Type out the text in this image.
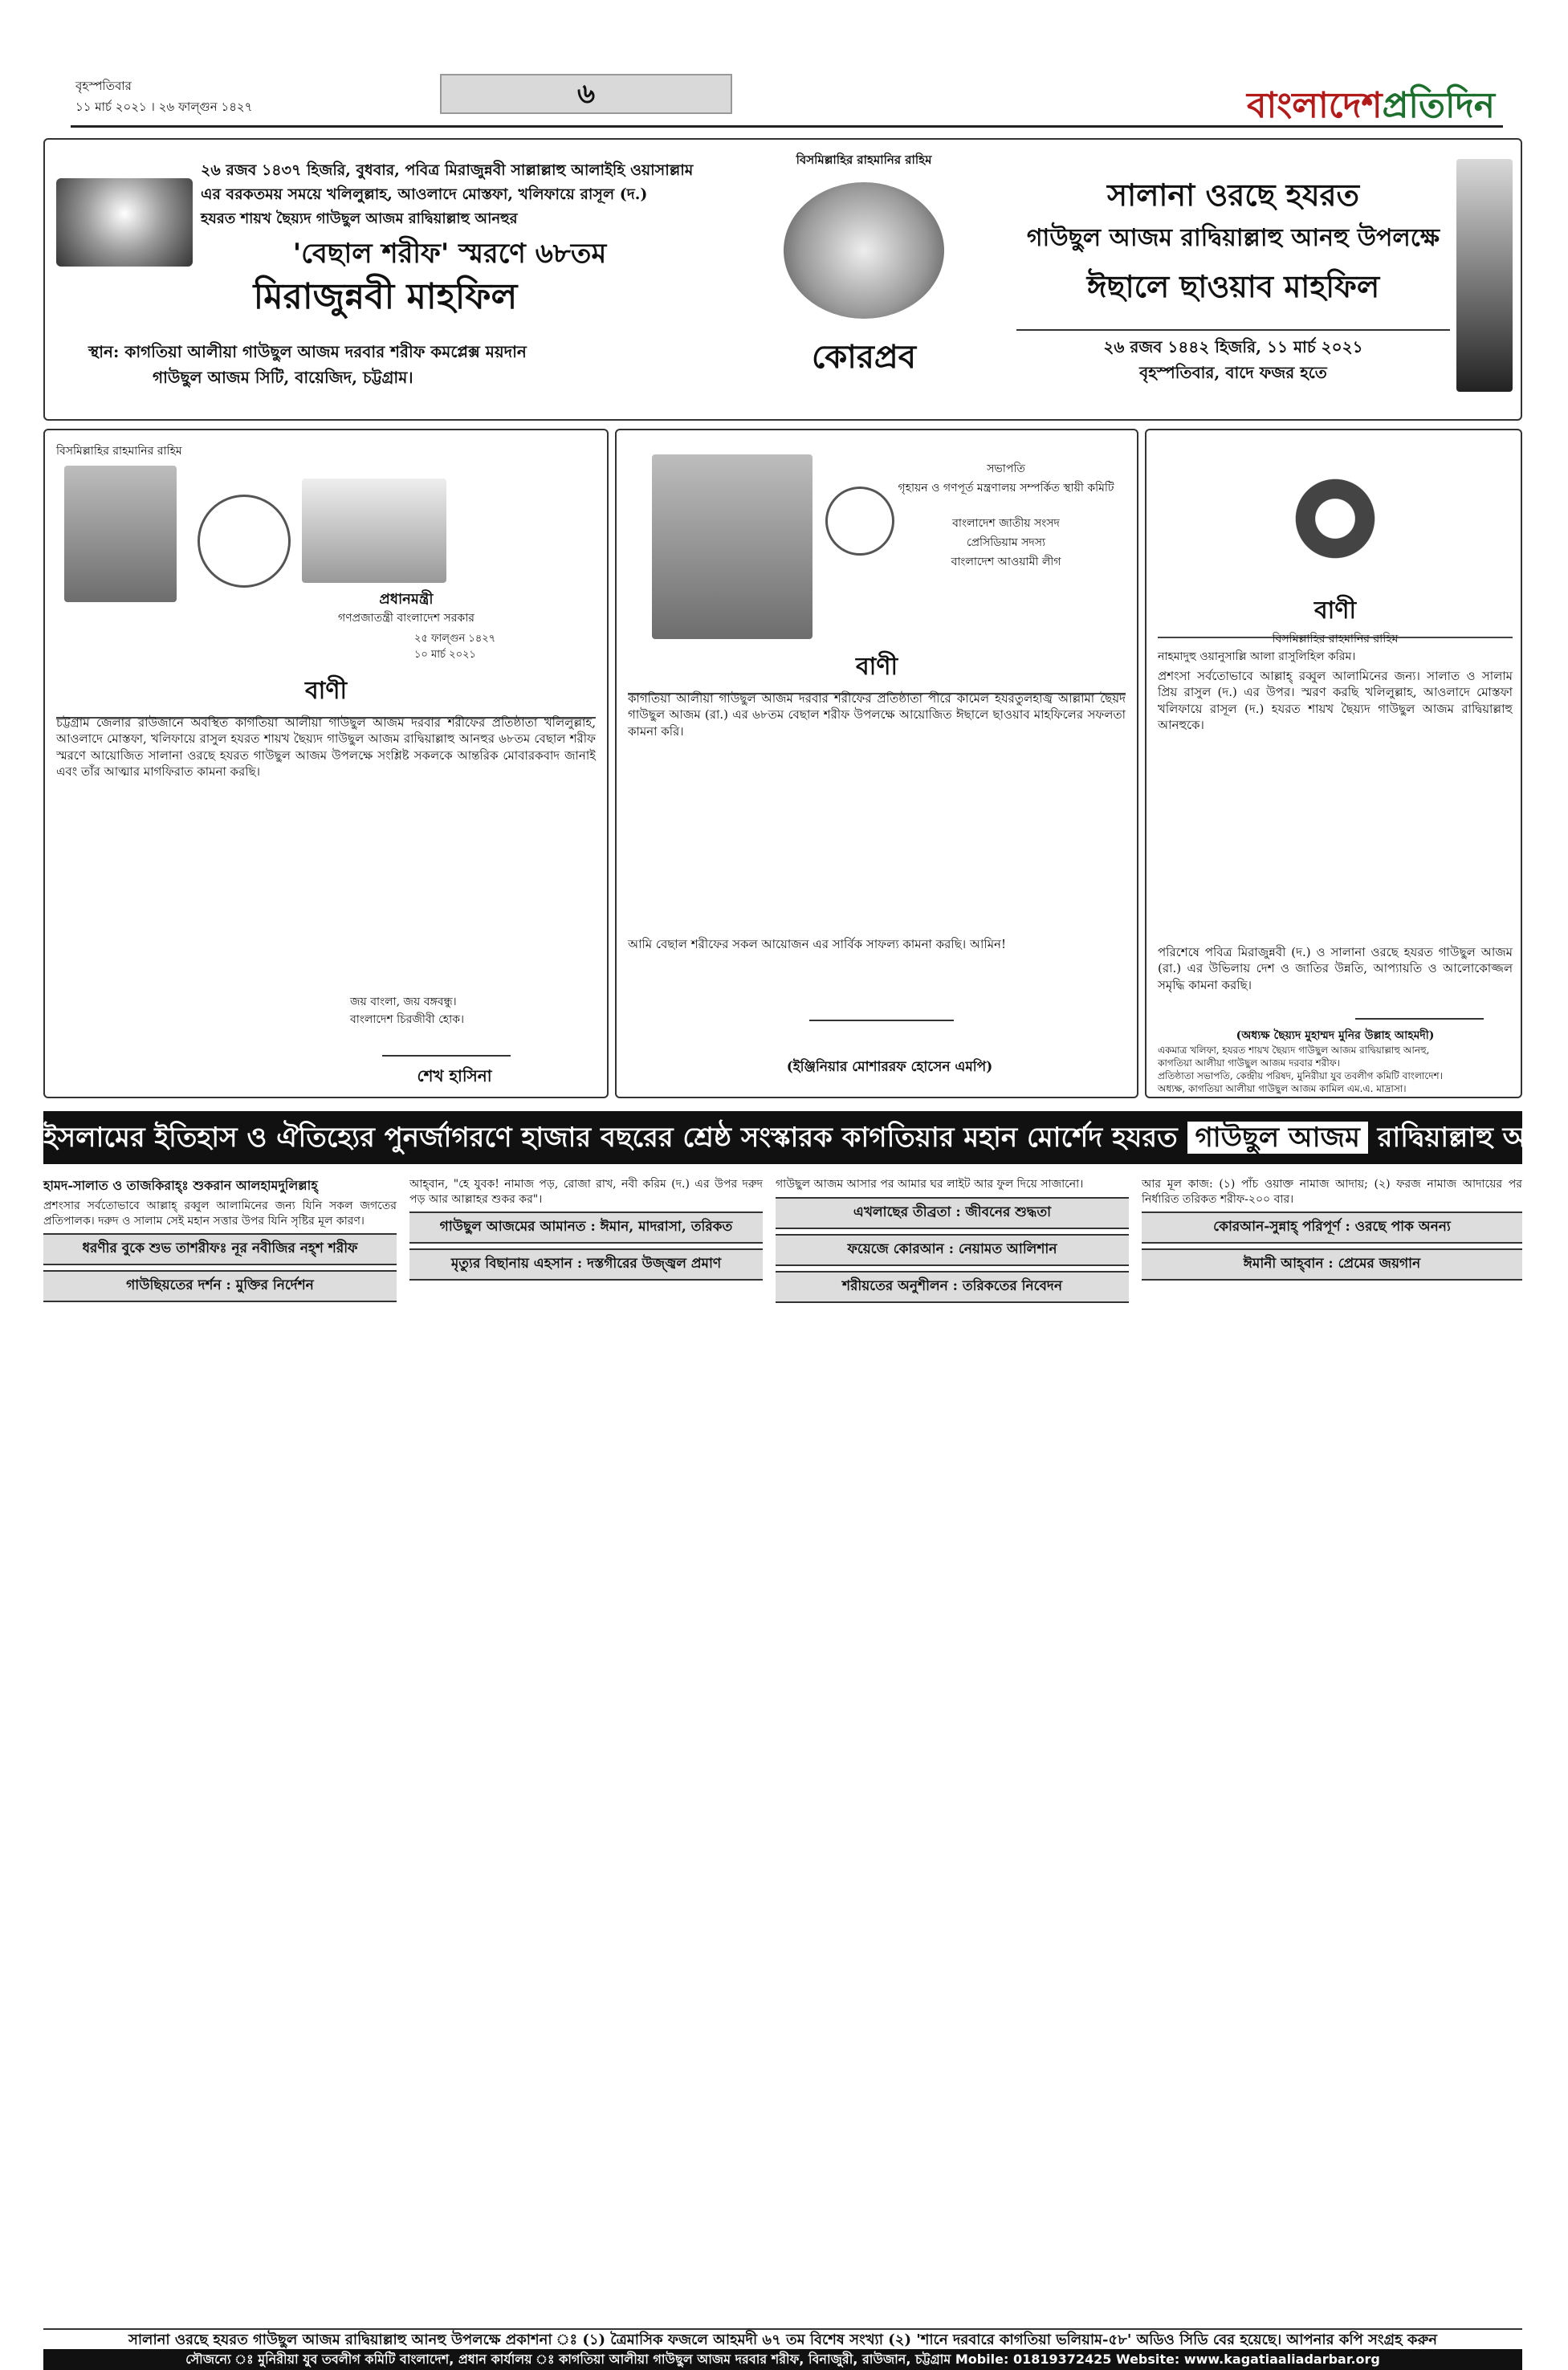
বৃহস্পতিবার
১১ মার্চ ২০২১ । ২৬ ফাল্গুন ১৪২৭	৬	বাংলাদেশপ্রতিদিন
২৬ রজব ১৪৩৭ হিজরি, বুধবার, পবিত্র মিরাজুন্নবী সাল্লাল্লাহু আলাইহি ওয়াসাল্লাম
এর বরকতময় সময়ে খলিলুল্লাহ, আওলাদে মোস্তফা, খলিফায়ে রাসূল (দ.)
হযরত শায়খ ছৈয়্যদ গাউছুল আজম রাদ্বিয়াল্লাহু আনহুর
'বেছাল শরীফ' স্মরণে ৬৮তম
মিরাজুন্নবী মাহফিল
স্থান: কাগতিয়া আলীয়া গাউছুল আজম দরবার শরীফ কমপ্লেক্স ময়দান
গাউছুল আজম সিটি, বায়েজিদ, চট্টগ্রাম।
বিসমিল্লাহির রাহমানির রাহিম
কোরপ্রব
সালানা ওরছে হযরত
গাউছুল আজম রাদ্বিয়াল্লাহু আনহু উপলক্ষে
ঈছালে ছাওয়াব মাহফিল
২৬ রজব ১৪৪২ হিজরি, ১১ মার্চ ২০২১
বৃহস্পতিবার, বাদে ফজর হতে
বিসমিল্লাহির রাহমানির রাহিম
প্রধানমন্ত্রী
গণপ্রজাতন্ত্রী বাংলাদেশ সরকার
২৫ ফাল্গুন ১৪২৭
১০ মার্চ ২০২১
বাণী
চট্টগ্রাম জেলার রাউজানে অবস্থিত কাগতিয়া আলীয়া গাউছুল আজম দরবার শরীফের প্রতিষ্ঠাতা খলিলুল্লাহ, আওলাদে মোস্তফা, খলিফায়ে রাসুল হযরত শায়খ ছৈয়্যদ গাউছুল আজম রাদ্বিয়াল্লাহু আনহুর ৬৮তম বেছাল শরীফ স্মরণে আয়োজিত সালানা ওরছে হযরত গাউছুল আজম উপলক্ষে সংশ্লিষ্ট সকলকে আন্তরিক মোবারকবাদ জানাই এবং তাঁর আত্মার মাগফিরাত কামনা করছি।
জয় বাংলা, জয় বঙ্গবন্ধু।
বাংলাদেশ চিরজীবী হোক।
শেখ হাসিনা
সভাপতি
গৃহায়ন ও গণপূর্ত মন্ত্রণালয় সম্পর্কিত স্থায়ী কমিটি
বাংলাদেশ জাতীয় সংসদ
প্রেসিডিয়াম সদস্য
বাংলাদেশ আওয়ামী লীগ
বাণী
কাগতিয়া আলীয়া গাউছুল আজম দরবার শরীফের প্রতিষ্ঠাতা পীরে কামেল হযরতুলহাজ্ব আল্লামা ছৈয়দ গাউছুল আজম (রা.) এর ৬৮তম বেছাল শরীফ উপলক্ষে আয়োজিত ঈছালে ছাওয়াব মাহফিলের সফলতা কামনা করি।
আমি বেছাল শরীফের সকল আয়োজন এর সার্বিক সাফল্য কামনা করছি। আমিন!
(ইঞ্জিনিয়ার মোশাররফ হোসেন এমপি)
বাণী
বিসমিল্লাহির রাহমানির রাহিম
নাহমাদুহু ওয়ানুসাল্লি আলা রাসুলিহিল করিম।
প্রশংসা সর্বতোভাবে আল্লাহ্ রব্বুল আলামিনের জন্য। সালাত ও সালাম প্রিয় রাসুল (দ.) এর উপর। স্মরণ করছি খলিলুল্লাহ, আওলাদে মোস্তফা খলিফায়ে রাসূল (দ.) হযরত শায়খ ছৈয়্যদ গাউছুল আজম রাদ্বিয়াল্লাহু আনহুকে।
পরিশেষে পবিত্র মিরাজুন্নবী (দ.) ও সালানা ওরছে হযরত গাউছুল আজম (রা.) এর উভিলায় দেশ ও জাতির উন্নতি, আপ্যায়তি ও আলোকোজ্জল সমৃদ্ধি কামনা করছি।
(অধ্যক্ষ ছৈয়্যদ মুহাম্মদ মুনির উল্লাহ আহমদী)
একমাত্র খলিফা, হযরত শায়খ ছৈয়্যদ গাউছুল আজম রাদ্বিয়াল্লাহু আনহু,
কাগতিয়া আলীয়া গাউছুল আজম দরবার শরীফ।
প্রতিষ্ঠাতা সভাপতি, কেন্দ্রীয় পরিষদ, মুনিরীয়া যুব তবলীগ কমিটি বাংলাদেশ।
অধ্যক্ষ, কাগতিয়া আলীয়া গাউছুল আজম কামিল এম.এ. মাদ্রাসা।
ইসলামের ইতিহাস ও ঐতিহ্যের পুনর্জাগরণে হাজার বছরের শ্রেষ্ঠ সংস্কারক কাগতিয়ার মহান মোর্শেদ হযরত গাউছুল আজম রাদ্বিয়াল্লাহু আনহু
হামদ-সালাত ও তাজকিরাহ্‌ঃ শুকরান আলহামদুলিল্লাহ্‌
প্রশংসার সর্বতোভাবে আল্লাহ্ রব্বুল আলামিনের জন্য যিনি সকল জগতের প্রতিপালক। দরুদ ও সালাম সেই মহান সত্তার উপর যিনি সৃষ্টির মূল কারণ।
ধরণীর বুকে শুভ তাশরীফঃ নূর নবীজির নহ্‌শ শরীফ
গাউছিয়তের দর্শন : মুক্তির নির্দেশন
আহ্‌বান, "হে যুবক! নামাজ পড়, রোজা রাখ, নবী করিম (দ.) এর উপর দরুদ পড় আর আল্লাহর শুকর কর"।
গাউছুল আজমের আমানত : ঈমান, মাদরাসা, তরিকত
মৃত্যুর বিছানায় এহসান : দস্তগীরের উজ্জ্বল প্রমাণ
গাউছুল আজম আসার পর আমার ঘর লাইট আর ফুল দিয়ে সাজানো।
এখলাছের তীব্রতা : জীবনের শুদ্ধতা
ফয়েজে কোরআন : নেয়ামত আলিশান
শরীয়তের অনুশীলন : তরিকতের নিবেদন
আর মূল কাজ: (১) পাঁচ ওয়াক্ত নামাজ আদায়; (২) ফরজ নামাজ আদায়ের পর নির্ধারিত তরিকত শরীফ-২০০ বার।
কোরআন-সুন্নাহ্‌ পরিপূর্ণ : ওরছে পাক অনন্য
ঈমানী আহ্‌বান : প্রেমের জয়গান
সালানা ওরছে হযরত গাউছুল আজম রাদ্বিয়াল্লাহু আনহু উপলক্ষে প্রকাশনা ঃ (১) ত্রৈমাসিক ফজলে আহমদী ৬৭ তম বিশেষ সংখ্যা (২) 'শানে দরবারে কাগতিয়া ভলিয়াম-৫৮' অডিও সিডি বের হয়েছে। আপনার কপি সংগ্রহ করুন
সৌজন্যে ঃ মুনিরীয়া যুব তবলীগ কমিটি বাংলাদেশ, প্রধান কার্যালয় ঃ কাগতিয়া আলীয়া গাউছুল আজম দরবার শরীফ, বিনাজুরী, রাউজান, চট্টগ্রাম Mobile: 01819372425 Website: www.kagatiaaliadarbar.org
